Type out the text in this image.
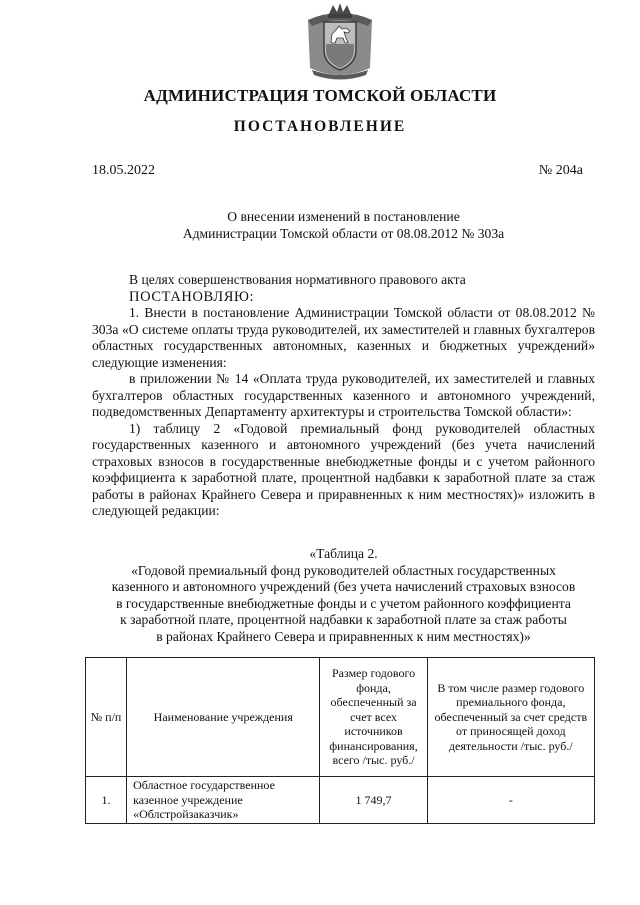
АДМИНИСТРАЦИЯ ТОМСКОЙ ОБЛАСТИ
ПОСТАНОВЛЕНИЕ
18.05.2022	№ 204а
О внесении изменений в постановление
Администрации Томской области от 08.08.2012 № 303а

В целях совершенствования нормативного правового акта

ПОСТАНОВЛЯЮ:

1. Внести в постановление Администрации Томской области от 08.08.2012 № 303а «О системе оплаты труда руководителей, их заместителей и главных бухгалтеров областных государственных автономных, казенных и бюджетных учреждений» следующие изменения:

в приложении № 14 «Оплата труда руководителей, их заместителей и главных бухгалтеров областных государственных казенного и автономного учреждений, подведомственных Департаменту архитектуры и строительства Томской области»:

1) таблицу 2 «Годовой премиальный фонд руководителей областных государственных казенного и автономного учреждений (без учета начислений страховых взносов в государственные внебюджетные фонды и с учетом районного коэффициента к заработной плате, процентной надбавки к заработной плате за стаж работы в районах Крайнего Севера и приравненных к ним местностях)» изложить в следующей редакции:

«Таблица 2.
«Годовой премиальный фонд руководителей областных государственных
казенного и автономного учреждений (без учета начислений страховых взносов
в государственные внебюджетные фонды и с учетом районного коэффициента
к заработной плате, процентной надбавки к заработной плате за стаж работы
в районах Крайнего Севера и приравненных к ним местностях)»
№ п/п	Наименование учреждения	Размер годового фонда, обеспеченный за счет всех источников финансирования, всего /тыс. руб./	В том числе размер годового премиального фонда, обеспеченный за счет средств от приносящей доход деятельности /тыс. руб./
1.	Областное государственное казенное учреждение «Облстройзаказчик»	1 749,7	-
